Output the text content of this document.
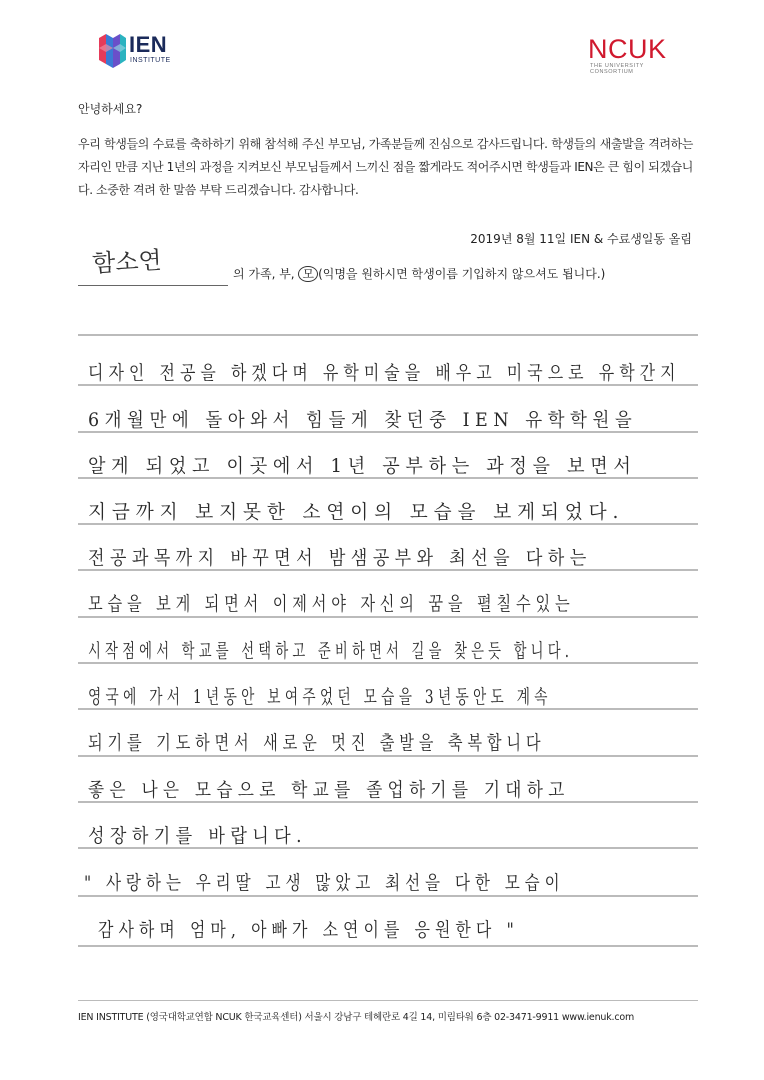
IEN
INSTITUTE	NCUK
THE UNIVERSITY CONSORTIUM
안녕하세요?
우리 학생들의 수료를 축하하기 위해 참석해 주신 부모님, 가족분들께 진심으로 감사드립니다. 학생들의 새출발을 격려하는 자리인 만큼 지난 1년의 과정을 지켜보신 부모님들께서 느끼신 점을 짧게라도 적어주시면 학생들과 IEN은 큰 힘이 되겠습니다. 소중한 격려 한 말씀 부탁 드리겠습니다. 감사합니다.
2019년 8월 11일 IEN & 수료생일동 올림
함소연	의 가족, 부, 모 (익명을 원하시면 학생이름 기입하지 않으셔도 됩니다.)
디자인 전공을 하겠다며 유학미술을 배우고 미국으로 유학간지
6개월만에 돌아와서 힘들게 찾던중 IEN 유학학원을
알게 되었고 이곳에서 1년 공부하는 과정을 보면서
지금까지 보지못한 소연이의 모습을 보게되었다.
전공과목까지 바꾸면서 밤샘공부와 최선을 다하는
모습을 보게 되면서 이제서야 자신의 꿈을 펼칠수있는
시작점에서 학교를 선택하고 준비하면서 길을 찾은듯 합니다.
영국에 가서 1년동안 보여주었던 모습을 3년동안도 계속
되기를 기도하면서 새로운 멋진 출발을 축복합니다
좋은 나은 모습으로 학교를 졸업하기를 기대하고
성장하기를 바랍니다.
" 사랑하는 우리딸 고생 많았고 최선을 다한 모습이
감사하며 엄마, 아빠가 소연이를 응원한다 "
IEN INSTITUTE (영국대학교연합 NCUK 한국교육센터) 서울시 강남구 테헤란로 4길 14, 미림타워 6층 02-3471-9911 www.ienuk.com
